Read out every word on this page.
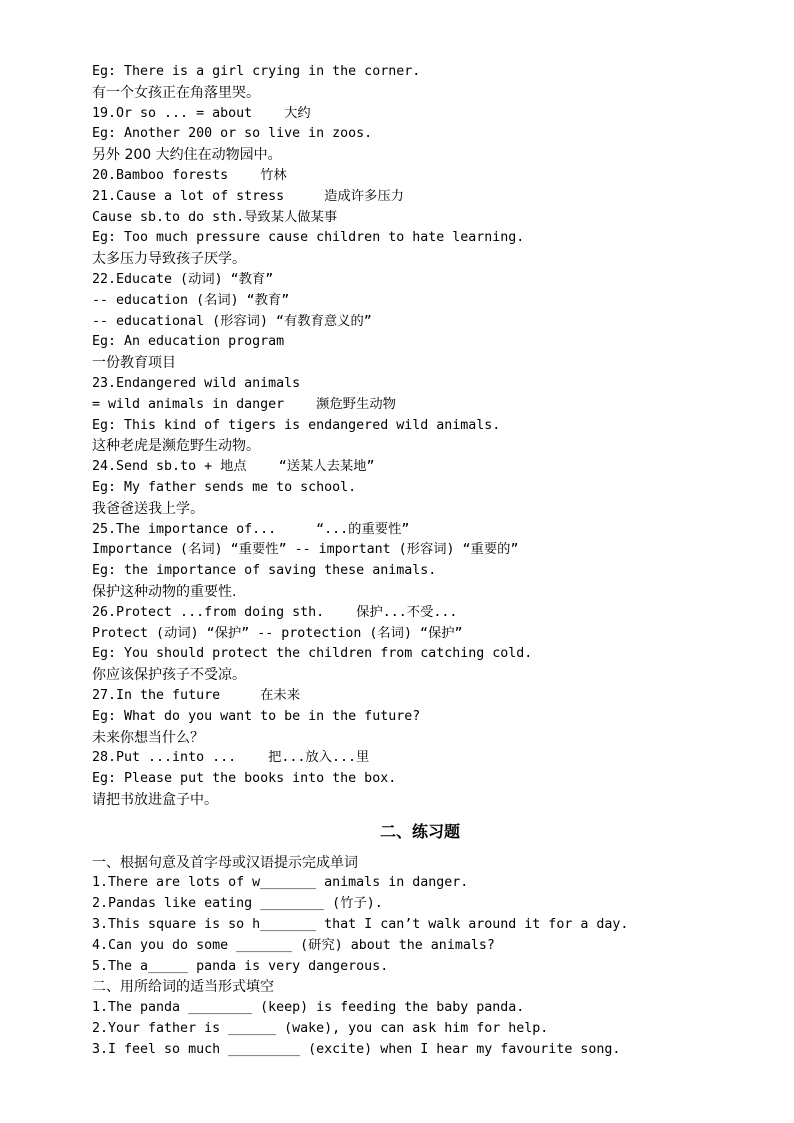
Eg: There is a girl crying in the corner.
有一个女孩正在角落里哭。
19.Or so ... = about    大约
Eg: Another 200 or so live in zoos.
另外 200 大约住在动物园中。
20.Bamboo forests    竹林
21.Cause a lot of stress     造成许多压力
Cause sb.to do sth.导致某人做某事
Eg: Too much pressure cause children to hate learning.
太多压力导致孩子厌学。
22.Educate (动词) “教育”
-- education (名词) “教育”
-- educational (形容词) “有教育意义的”
Eg: An education program
一份教育项目
23.Endangered wild animals
= wild animals in danger    濒危野生动物
Eg: This kind of tigers is endangered wild animals.
这种老虎是濒危野生动物。
24.Send sb.to + 地点    “送某人去某地”
Eg: My father sends me to school.
我爸爸送我上学。
25.The importance of...     “...的重要性”
Importance (名词) “重要性” -- important (形容词) “重要的”
Eg: the importance of saving these animals.
保护这种动物的重要性.
26.Protect ...from doing sth.    保护...不受...
Protect (动词) “保护” -- protection (名词) “保护”
Eg: You should protect the children from catching cold.
你应该保护孩子不受凉。
27.In the future     在未来
Eg: What do you want to be in the future?
未来你想当什么？
28.Put ...into ...    把...放入...里
Eg: Please put the books into the box.
请把书放进盒子中。
二、练习题
一、根据句意及首字母或汉语提示完成单词
1.There are lots of w_______ animals in danger.
2.Pandas like eating ________ (竹子).
3.This square is so h_______ that I can’t walk around it for a day.
4.Can you do some _______ (研究) about the animals?
5.The a_____ panda is very dangerous.
二、用所给词的适当形式填空
1.The panda ________ (keep) is feeding the baby panda.
2.Your father is ______ (wake), you can ask him for help.
3.I feel so much _________ (excite) when I hear my favourite song.
